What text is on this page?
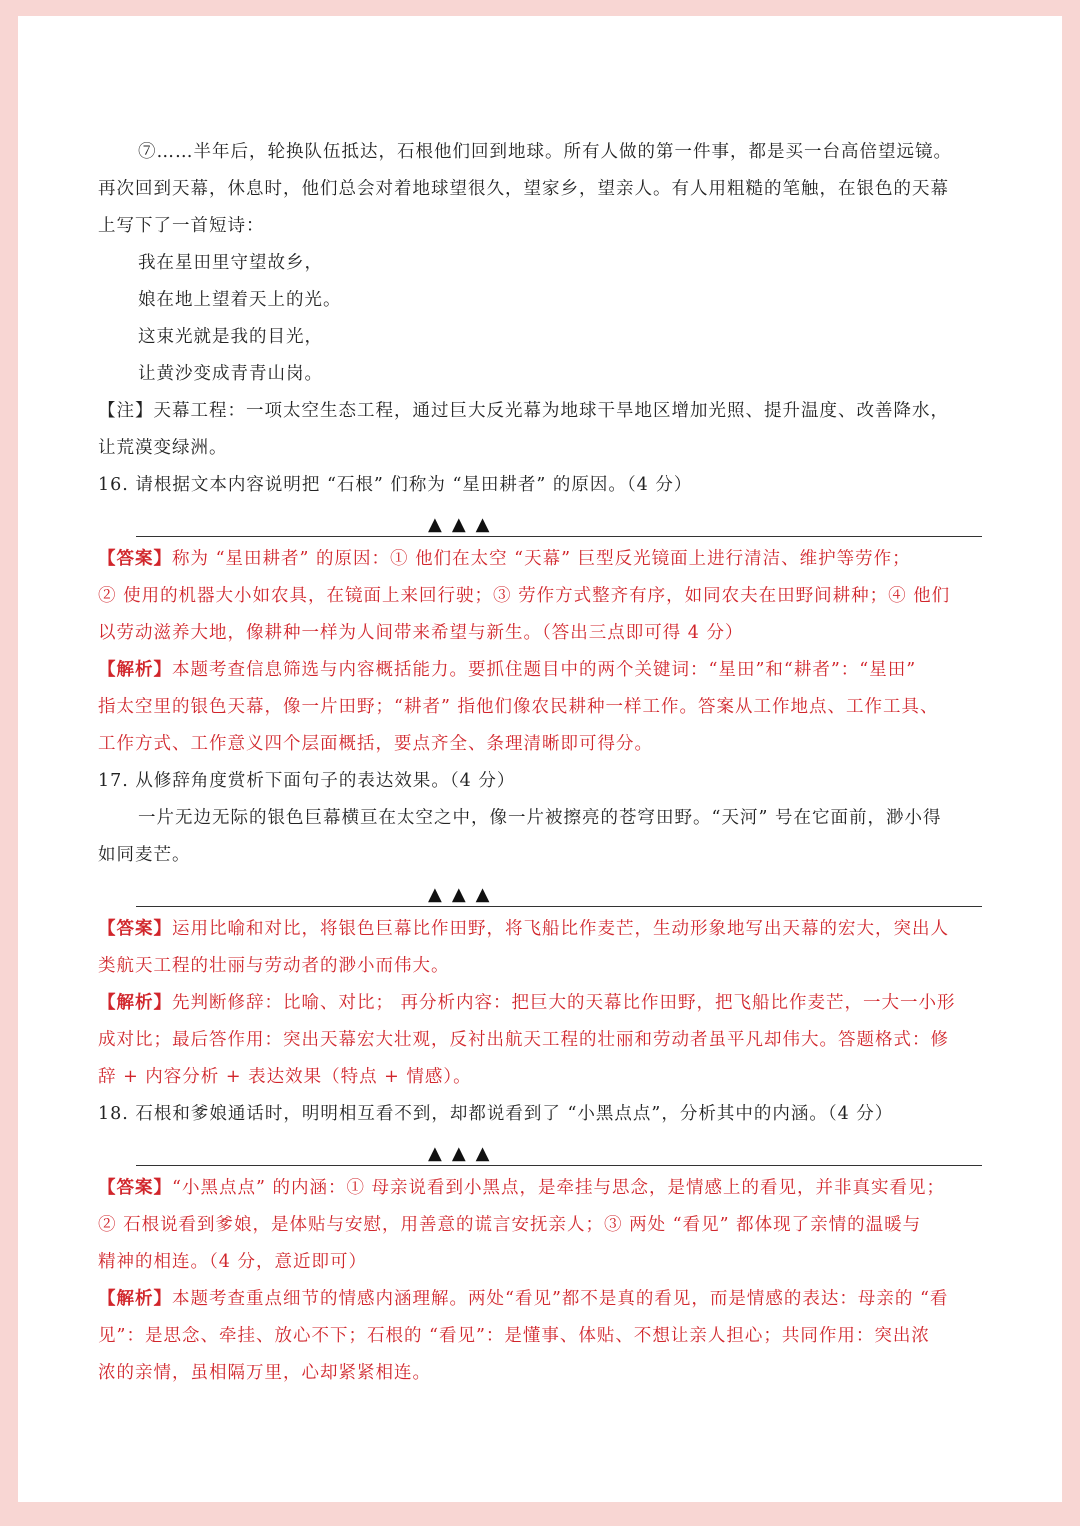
⑦……半年后，轮换队伍抵达，石根他们回到地球。所有人做的第一件事，都是买一台高倍望远镜。
再次回到天幕，休息时，他们总会对着地球望很久，望家乡，望亲人。有人用粗糙的笔触，在银色的天幕
上写下了一首短诗：
我在星田里守望故乡，
娘在地上望着天上的光。
这束光就是我的目光，
让黄沙变成青青山岗。
【注】天幕工程：一项太空生态工程，通过巨大反光幕为地球干旱地区增加光照、提升温度、改善降水，
让荒漠变绿洲。
16. 请根据文本内容说明把 “石根” 们称为 “星田耕者” 的原因。（4 分）
▲▲▲
【答案】称为 “星田耕者” 的原因：① 他们在太空 “天幕” 巨型反光镜面上进行清洁、维护等劳作；
② 使用的机器大小如农具，在镜面上来回行驶；③ 劳作方式整齐有序，如同农夫在田野间耕种；④ 他们
以劳动滋养大地，像耕种一样为人间带来希望与新生。（答出三点即可得 4 分）
【解析】本题考查信息筛选与内容概括能力。要抓住题目中的两个关键词：“星田”和“耕者”：“星田”
指太空里的银色天幕，像一片田野；“耕者” 指他们像农民耕种一样工作。答案从工作地点、工作工具、
工作方式、工作意义四个层面概括，要点齐全、条理清晰即可得分。
17. 从修辞角度赏析下面句子的表达效果。（4 分）
一片无边无际的银色巨幕横亘在太空之中，像一片被擦亮的苍穹田野。“天河” 号在它面前，渺小得
如同麦芒。
▲▲▲
【答案】运用比喻和对比，将银色巨幕比作田野，将飞船比作麦芒，生动形象地写出天幕的宏大，突出人
类航天工程的壮丽与劳动者的渺小而伟大。
【解析】先判断修辞：比喻、对比； 再分析内容：把巨大的天幕比作田野，把飞船比作麦芒，一大一小形
成对比；最后答作用：突出天幕宏大壮观，反衬出航天工程的壮丽和劳动者虽平凡却伟大。答题格式：修
辞 + 内容分析 + 表达效果（特点 + 情感）。
18. 石根和爹娘通话时，明明相互看不到，却都说看到了 “小黑点点”，分析其中的内涵。（4 分）
▲▲▲
【答案】“小黑点点” 的内涵：① 母亲说看到小黑点，是牵挂与思念，是情感上的看见，并非真实看见；
② 石根说看到爹娘，是体贴与安慰，用善意的谎言安抚亲人；③ 两处 “看见” 都体现了亲情的温暖与
精神的相连。（4 分，意近即可）
【解析】本题考查重点细节的情感内涵理解。两处“看见”都不是真的看见，而是情感的表达：母亲的 “看
见”：是思念、牵挂、放心不下；石根的 “看见”：是懂事、体贴、不想让亲人担心；共同作用：突出浓
浓的亲情，虽相隔万里，心却紧紧相连。
